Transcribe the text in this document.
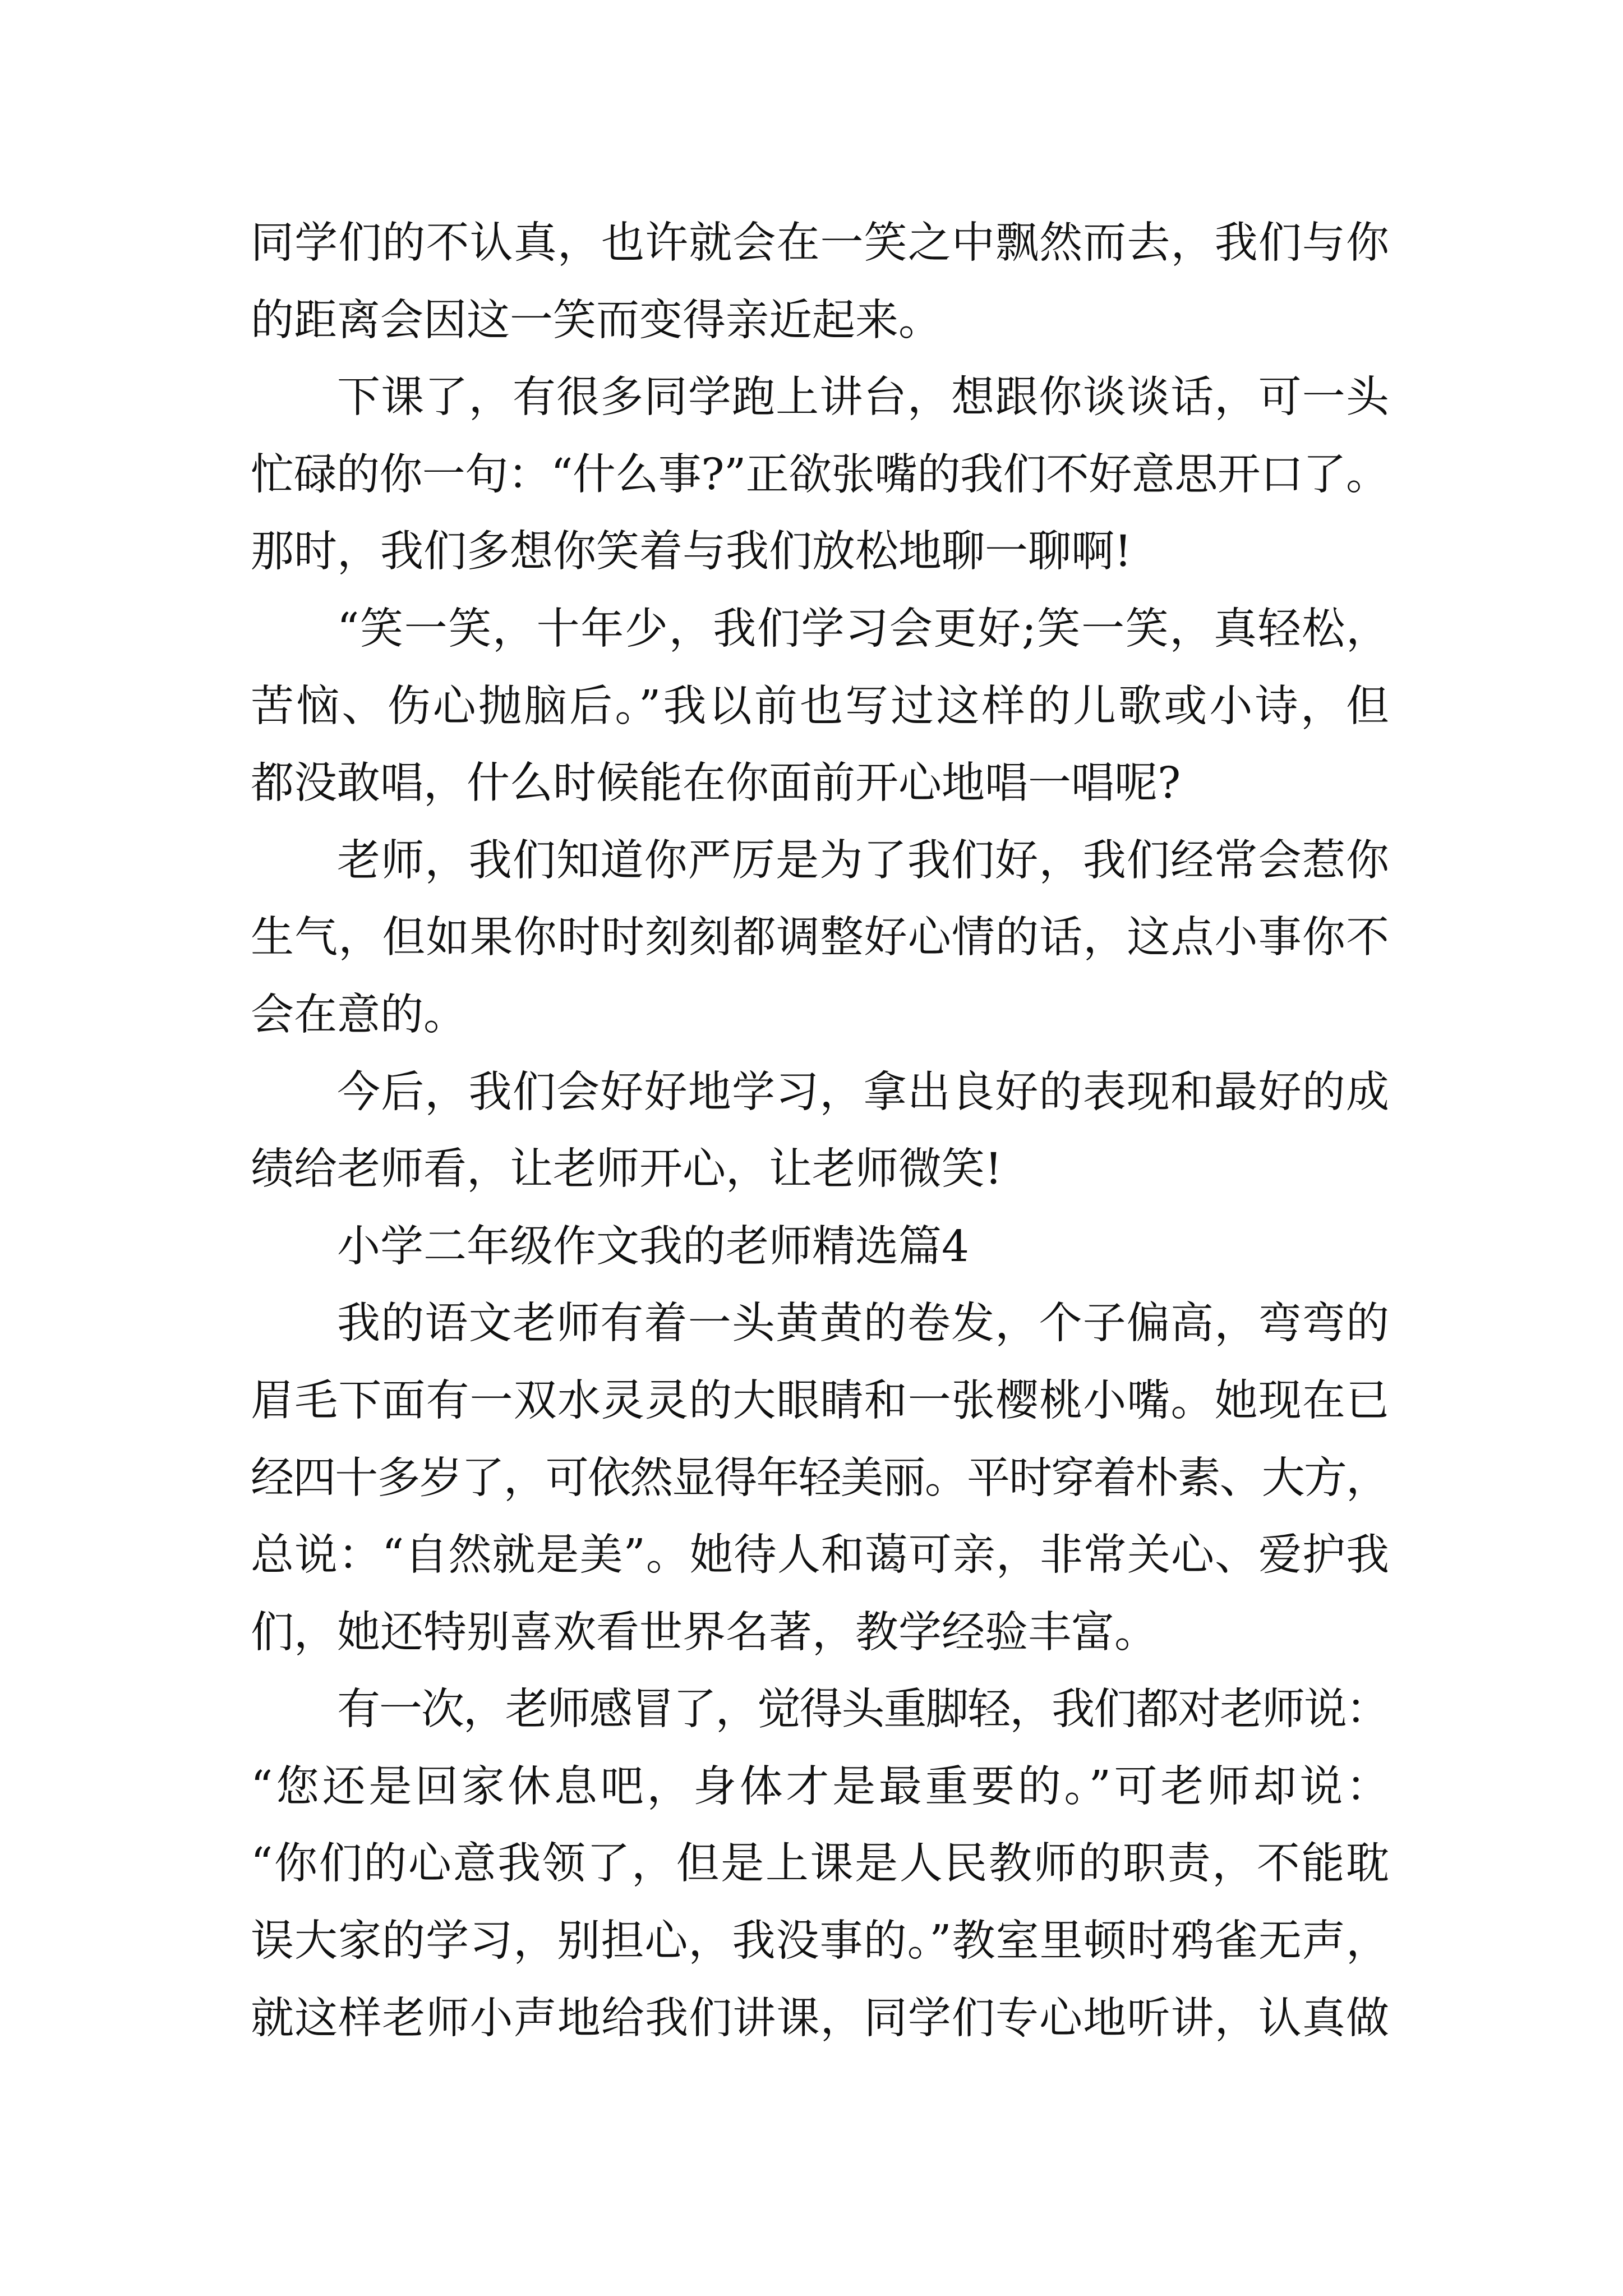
同学们的不认真，也许就会在一笑之中飘然而去，我们与你
的距离会因这一笑而变得亲近起来。
下课了，有很多同学跑上讲台，想跟你谈谈话，可一头
忙碌的你一句：“什么事?”正欲张嘴的我们不好意思开口了。
那时，我们多想你笑着与我们放松地聊一聊啊!
“笑一笑，十年少，我们学习会更好;笑一笑，真轻松，
苦恼、伤心抛脑后。”我以前也写过这样的儿歌或小诗，但
都没敢唱，什么时候能在你面前开心地唱一唱呢?
老师，我们知道你严厉是为了我们好，我们经常会惹你
生气，但如果你时时刻刻都调整好心情的话，这点小事你不
会在意的。
今后，我们会好好地学习，拿出良好的表现和最好的成
绩给老师看，让老师开心，让老师微笑!
小学二年级作文我的老师精选篇4
我的语文老师有着一头黄黄的卷发，个子偏高，弯弯的
眉毛下面有一双水灵灵的大眼睛和一张樱桃小嘴。她现在已
经四十多岁了，可依然显得年轻美丽。平时穿着朴素、大方，
总说：“自然就是美”。她待人和蔼可亲，非常关心、爱护我
们，她还特别喜欢看世界名著，教学经验丰富。
有一次，老师感冒了，觉得头重脚轻，我们都对老师说：
“您还是回家休息吧，身体才是最重要的。”可老师却说：
“你们的心意我领了，但是上课是人民教师的职责，不能耽
误大家的学习，别担心，我没事的。”教室里顿时鸦雀无声，
就这样老师小声地给我们讲课，同学们专心地听讲，认真做
